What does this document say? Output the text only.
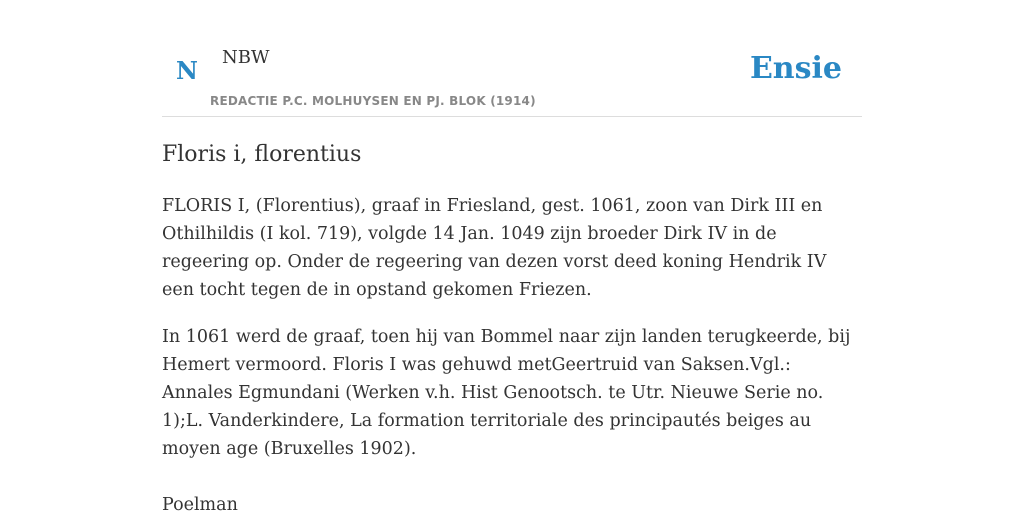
N NBW
REDACTIE P.C. MOLHUYSEN EN PJ. BLOK (1914)
Ensie
Floris i, florentius

FLORIS I, (Florentius), graaf in Friesland, gest. 1061, zoon van Dirk III en Othilhildis (I kol. 719), volgde 14 Jan. 1049 zijn broeder Dirk IV in de regeering op. Onder de regeering van dezen vorst deed koning Hendrik IV een tocht tegen de in opstand gekomen Friezen.

In 1061 werd de graaf, toen hij van Bommel naar zijn landen terugkeerde, bij Hemert vermoord. Floris I was gehuwd metGeertruid van Saksen.Vgl.: Annales Egmundani (Werken v.h. Hist Genootsch. te Utr. Nieuwe Serie no. 1);L. Vanderkindere, La formation territoriale des principautés beiges au moyen age (Bruxelles 1902).

Poelman
